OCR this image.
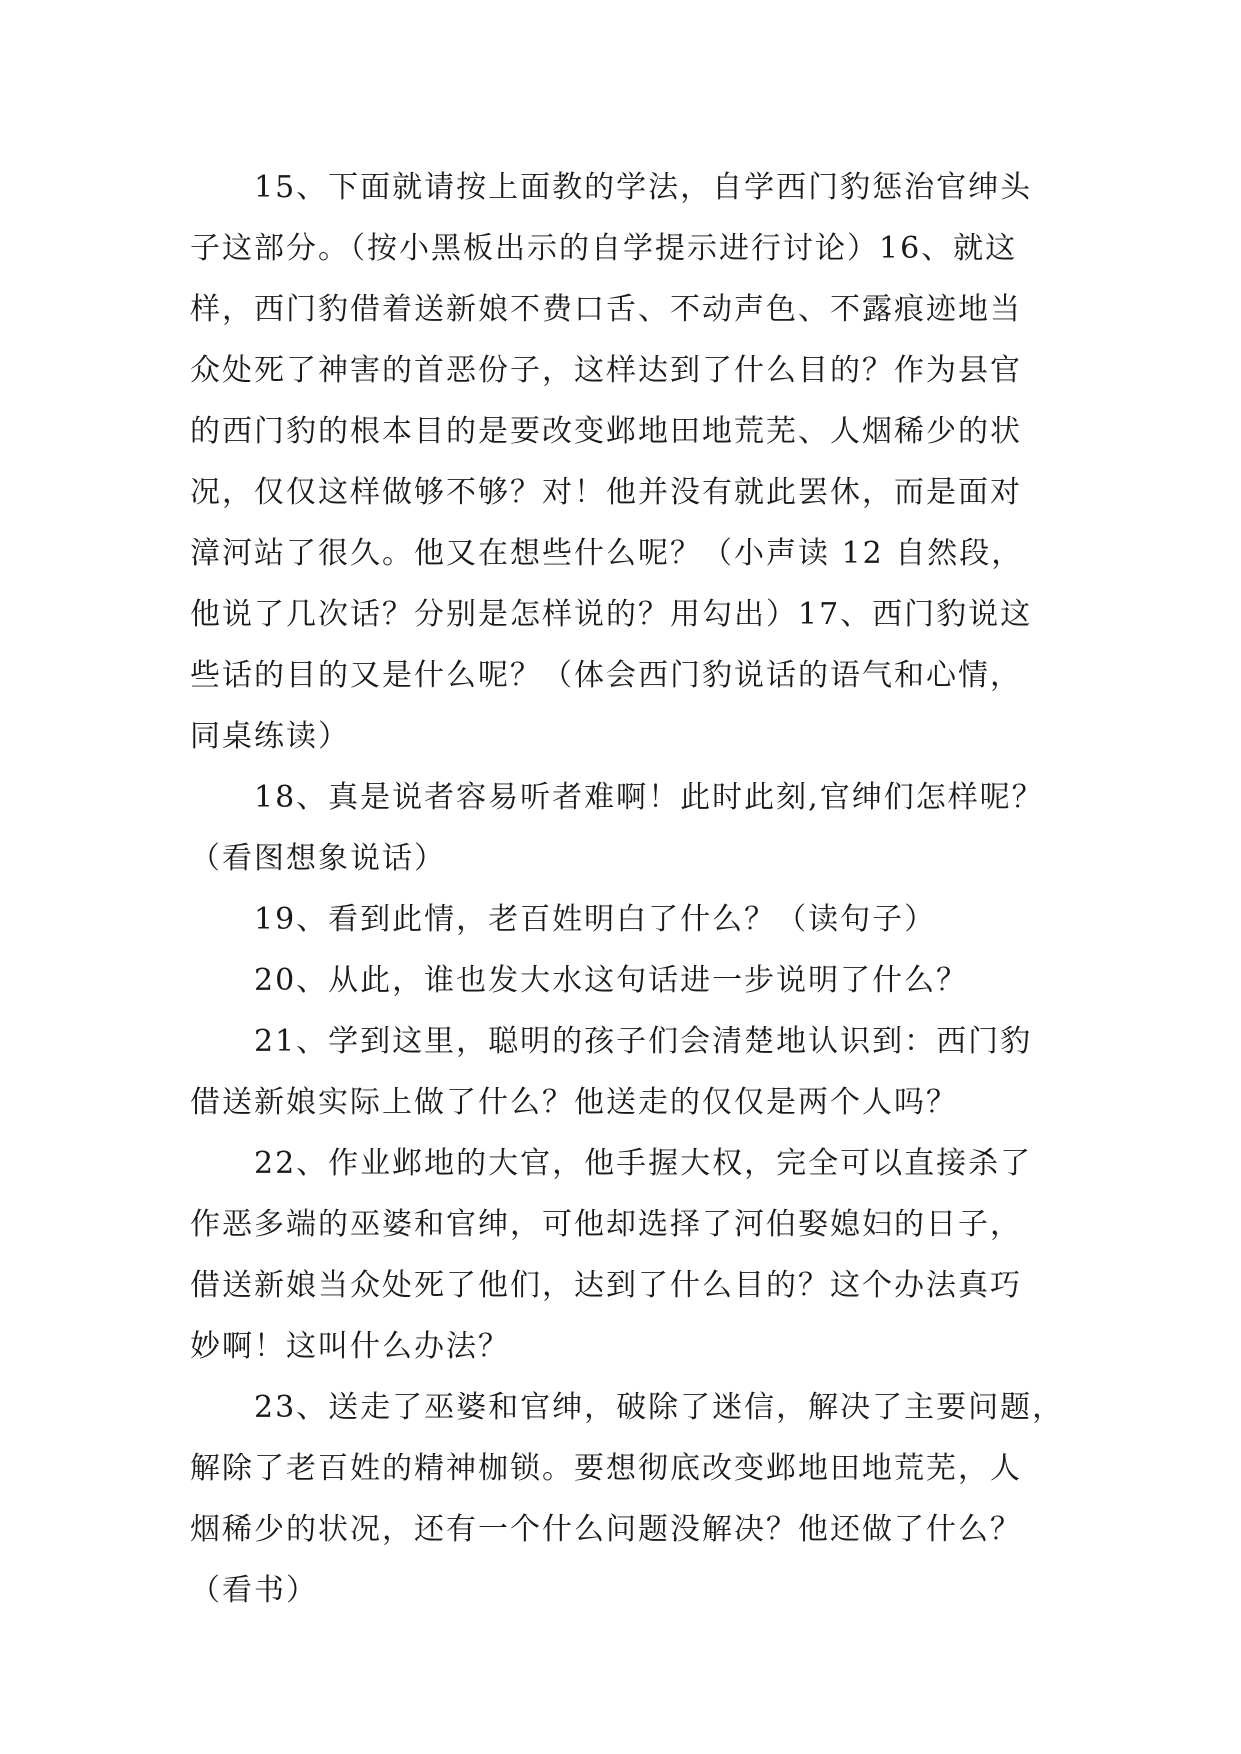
15、下面就请按上面教的学法，自学西门豹惩治官绅头
子这部分。（按小黑板出示的自学提示进行讨论）16、就这
样，西门豹借着送新娘不费口舌、不动声色、不露痕迹地当
众处死了神害的首恶份子，这样达到了什么目的？作为县官
的西门豹的根本目的是要改变邺地田地荒芜、人烟稀少的状
况，仅仅这样做够不够？对！他并没有就此罢休，而是面对
漳河站了很久。他又在想些什么呢？（小声读 12 自然段，
他说了几次话？分别是怎样说的？用勾出）17、西门豹说这
些话的目的又是什么呢？（体会西门豹说话的语气和心情，
同桌练读）
18、真是说者容易听者难啊！此时此刻,官绅们怎样呢？
（看图想象说话）
19、看到此情，老百姓明白了什么？（读句子）
20、从此，谁也发大水这句话进一步说明了什么？
21、学到这里，聪明的孩子们会清楚地认识到：西门豹
借送新娘实际上做了什么？他送走的仅仅是两个人吗？
22、作业邺地的大官，他手握大权，完全可以直接杀了
作恶多端的巫婆和官绅，可他却选择了河伯娶媳妇的日子，
借送新娘当众处死了他们，达到了什么目的？这个办法真巧
妙啊！这叫什么办法？
23、送走了巫婆和官绅，破除了迷信，解决了主要问题，
解除了老百姓的精神枷锁。要想彻底改变邺地田地荒芜，人
烟稀少的状况，还有一个什么问题没解决？他还做了什么？
（看书）
